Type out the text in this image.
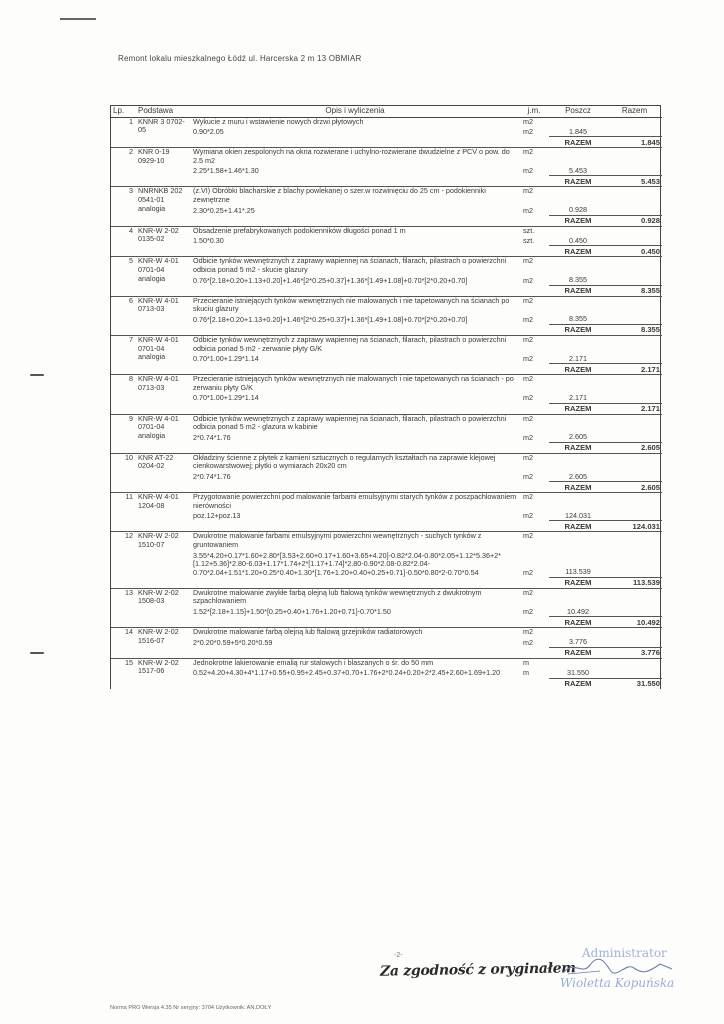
Remont lokalu mieszkalnego Łódź ul. Harcerska 2 m 13 OBMIAR
Lp.	Podstawa	Opis i wyliczenia	j.m.	Poszcz	Razem
1	KNNR 3 0702-05	Wykucie z muru i wstawienie nowych drzwi płytowych	m2		
		0.90*2.05	m2	1.845	
				RAZEM	1.845
2	KNR 0-19 0929-10	Wymiana okien zespolonych na okna rozwierane i uchylno-rozwierane dwudzielne z PCV o pow. do 2.5 m2	m2		
		2.25*1.58+1.46*1.30	m2	5.453	
				RAZEM	5.453
3	NNRNKB 202 0541-01 analogia	(z.VI) Obróbki blacharskie z blachy powlekanej o szer.w rozwinięciu do 25 cm - podokienniki zewnętrzne	m2		
		2.30*0.25+1.41*.25	m2	0.928	
				RAZEM	0.928
4	KNR-W 2-02 0135-02	Obsadzenie prefabrykowanych podokienników długości ponad 1 m	szt.		
		1.50*0.30	szt.	0.450	
				RAZEM	0.450
5	KNR-W 4-01 0701-04 analogia	Odbicie tynków wewnętrznych z zaprawy wapiennej na ścianach, filarach, pilastrach o powierzchni odbicia ponad 5 m2 - skucie glazury	m2		
		0.76*[2.18+0.20+1.13+0.20]+1.46*[2*0.25+0.37]+1.36*[1.49+1.08]+0.70*[2*0.20+0.70]	m2	8.355	
				RAZEM	8.355
6	KNR-W 4-01 0713-03	Przecieranie istniejących tynków wewnętrznych nie malowanych i nie tapetowanych na ścianach po skuciu glazury	m2		
		0.76*[2.18+0.20+1.13+0.20]+1.46*[2*0.25+0.37]+1.36*[1.49+1.08]+0.70*[2*0.20+0.70]	m2	8.355	
				RAZEM	8.355
7	KNR-W 4-01 0701-04 analogia	Odbicie tynków wewnętrznych z zaprawy wapiennej na ścianach, filarach, pilastrach o powierzchni odbicia ponad 5 m2 - zerwanie płyty G/K	m2		
		0.70*1.00+1.29*1.14	m2	2.171	
				RAZEM	2.171
8	KNR-W 4-01 0713-03	Przecieranie istniejących tynków wewnętrznych nie malowanych i nie tapetowanych na ścianach - po zerwaniu płyty G/K	m2		
		0.70*1.00+1.29*1.14	m2	2.171	
				RAZEM	2.171
9	KNR-W 4-01 0701-04 analogia	Odbicie tynków wewnętrznych z zaprawy wapiennej na ścianach, filarach, pilastrach o powierzchni odbicia ponad 5 m2 - glazura w kabinie	m2		
		2*0.74*1.76	m2	2.605	
				RAZEM	2.605
10	KNR AT-22 0204-02	Okładziny ścienne z płytek z kamieni sztucznych o regularnych kształtach na zaprawie klejowej cienkowarstwowej; płytki o wymiarach 20x20 cm	m2		
		2*0.74*1.76	m2	2.605	
				RAZEM	2.605
11	KNR-W 4-01 1204-08	Przygotowanie powierzchni pod malowanie farbami emulsyjnymi starych tynków z poszpachlowaniem nierówności	m2		
		poz.12+poz.13	m2	124.031	
				RAZEM	124.031
12	KNR-W 2-02 1510-07	Dwukrotne malowanie farbami emulsyjnymi powierzchni wewnętrznych - suchych tynków z gruntowaniem	m2		
		3.55*4.20+0.17*1.60+2.80*[3.53+2.60+0.17+1.60+3.65+4.20]-0.82*2.04-0.80*2.05+1.12*5.36+2*[1.12+5.36]*2.80-6.03+1.17*1.74+2*[1.17+1.74]*2.80-0.90*2.08-0.82*2.04-0.70*2.04+1.51*1.20+0.25*0.40+1.30*[1.76+1.20+0.40+0.25+0.71]-0.50*0.80*2-0.70*0.54	m2	113.539	
				RAZEM	113.539
13	KNR-W 2-02 1508-03	Dwukrotne malowanie zwykłe farbą olejną lub ftalową tynków wewnętrznych z dwukrotnym szpachlowaniem	m2		
		1.52*[2.18+1.15]+1.50*[0.25+0.40+1.76+1.20+0.71]-0.70*1.50	m2	10.492	
				RAZEM	10.492
14	KNR-W 2-02 1516-07	Dwukrotne malowanie farbą olejną lub ftalową grzejników radiatorowych	m2		
		2*0.20*0.59+5*0.20*0.59	m2	3.776	
				RAZEM	3.776
15	KNR-W 2-02 1517-06	Jednokrotne lakierowanie emalią rur stalowych i blaszanych o śr. do 50 mm	m		
		0.52+4.20+4.30+4*1.17+0.55+0.95+2.45+0.37+0.70+1.76+2*0.24+0.20+2*2.45+2.60+1.69+1.20	m	31.550	
				RAZEM	31.550
-2-
Za zgodność z oryginałem
Administrator
Wioletta Kopuńska
Norma PRO Wersja 4.35 Nr seryjny: 3704 Użytkownik: AN.DOŁY
